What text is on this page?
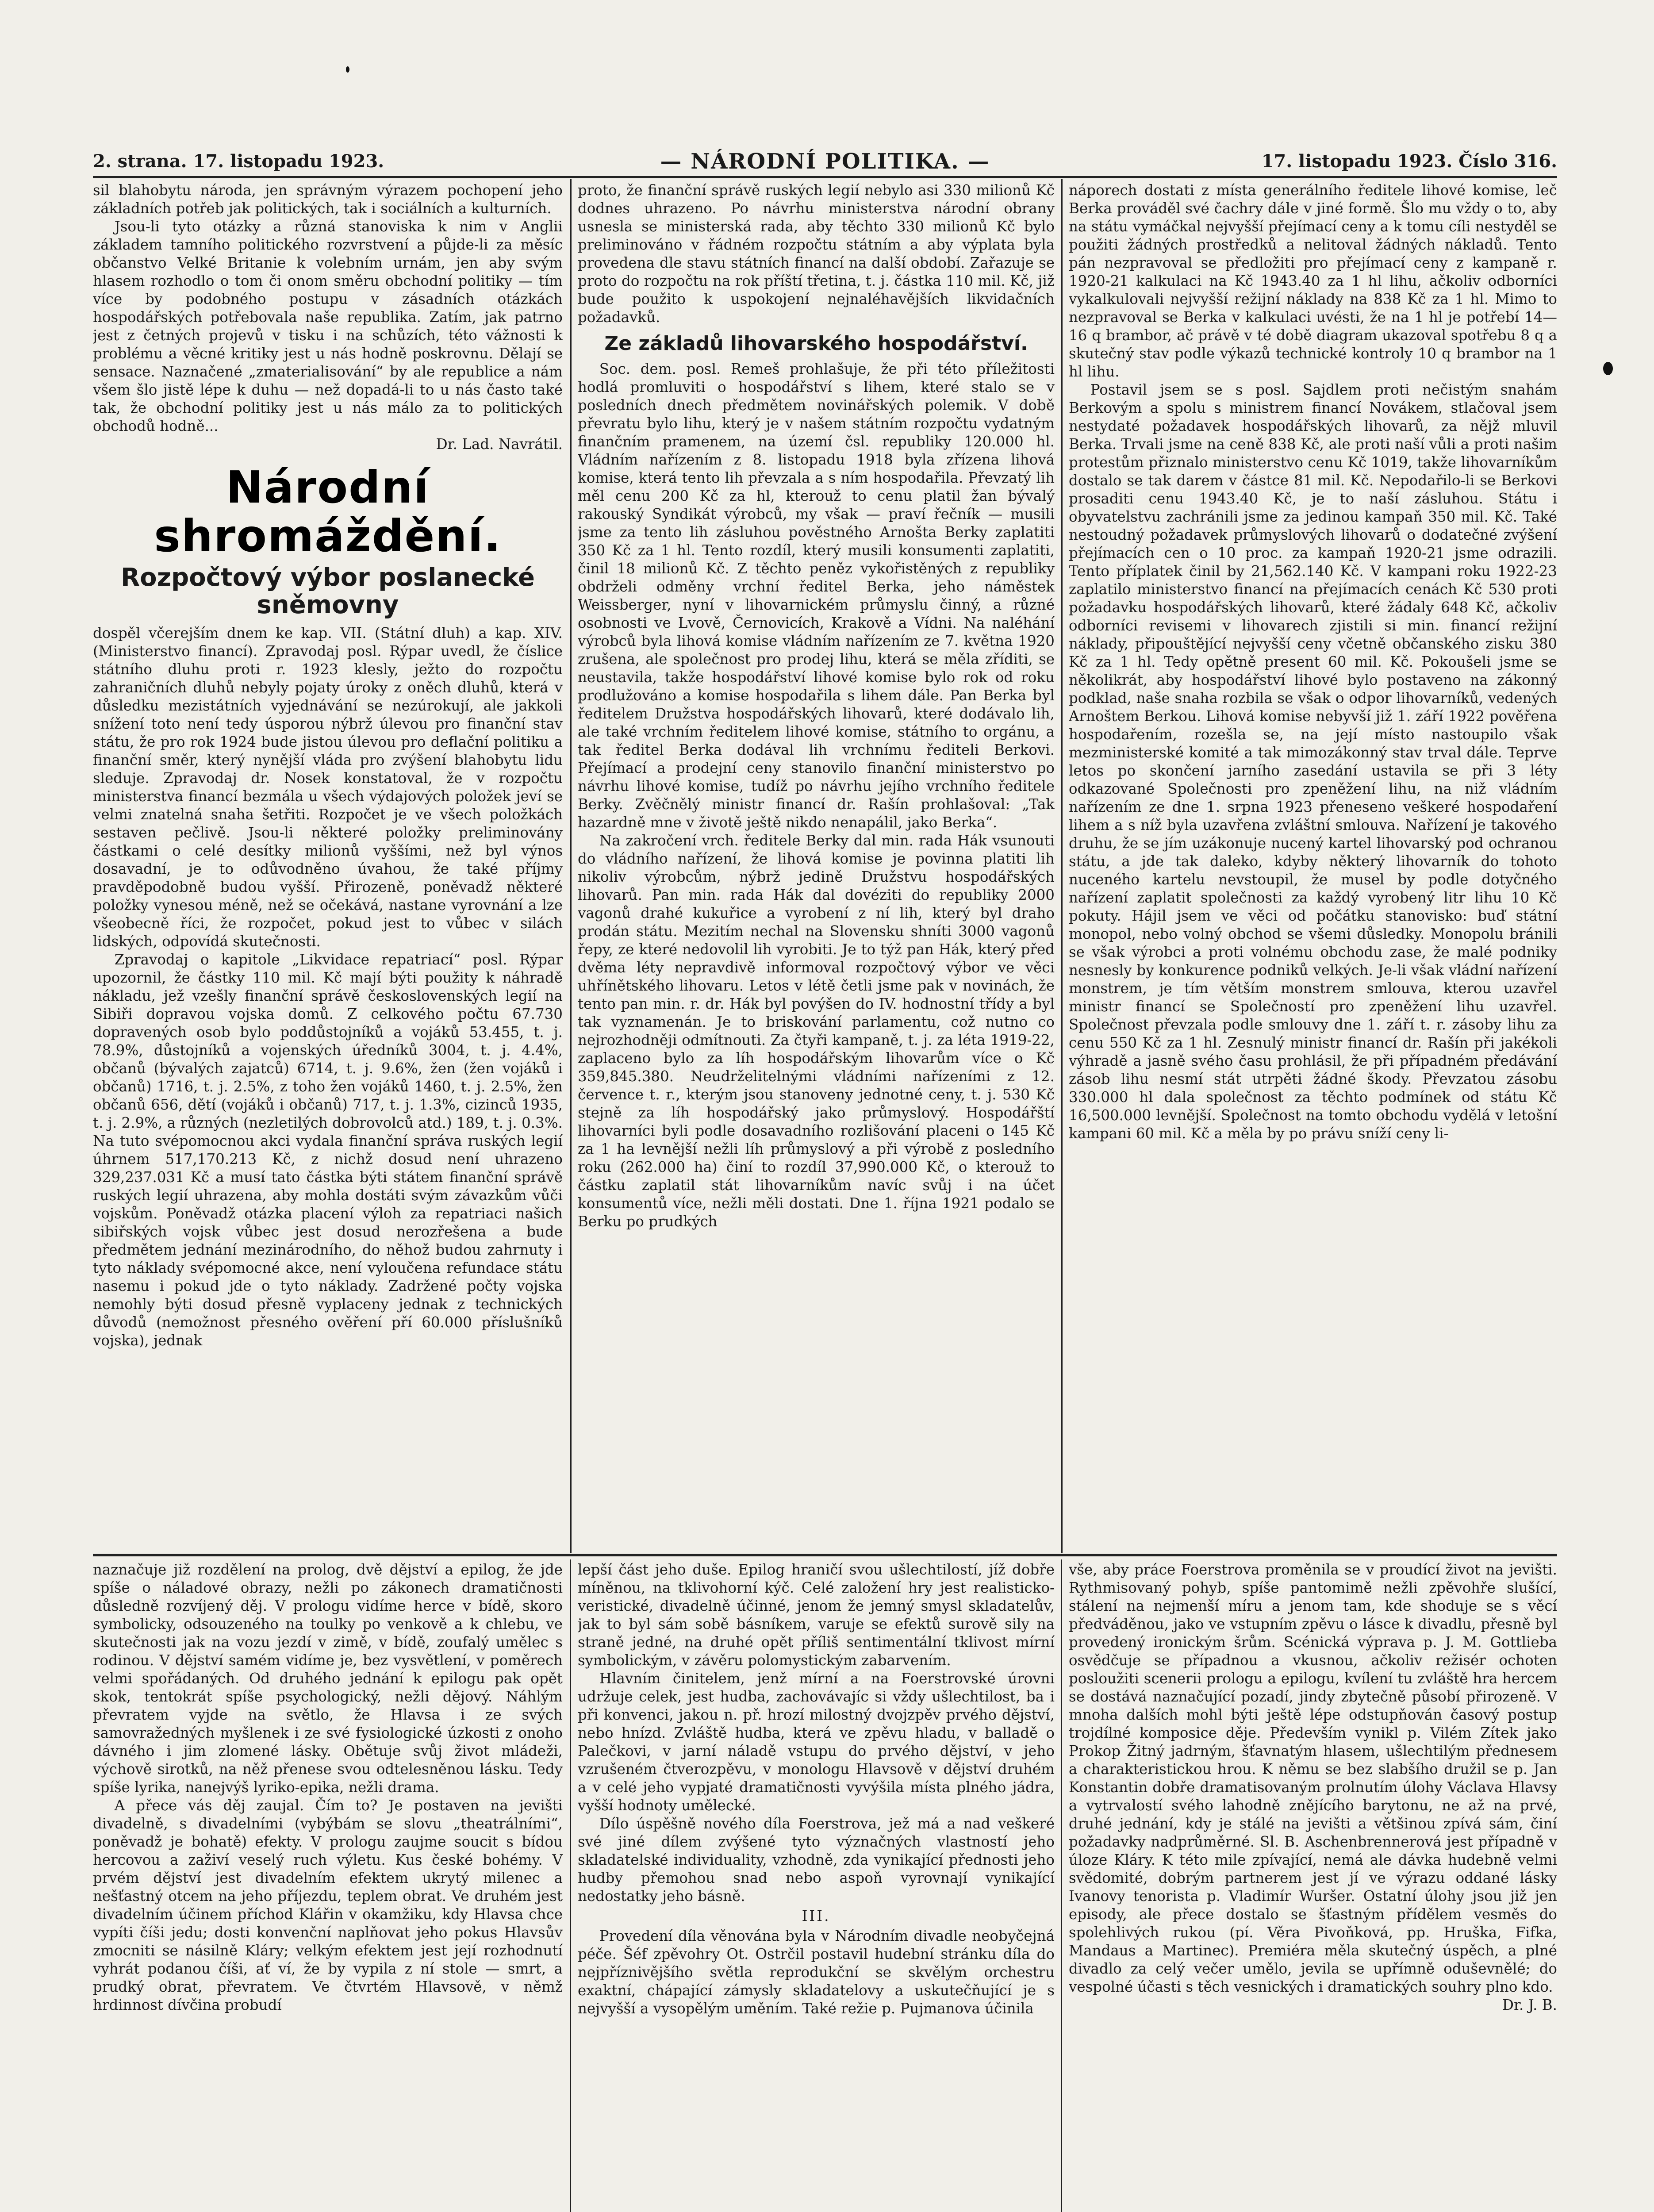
2. strana. 17. listopadu 1923.	— NÁRODNÍ POLITIKA. —	17. listopadu 1923. Číslo 316.

sil blahobytu národa, jen správným výrazem pochopení jeho základních potřeb jak politických, tak i sociálních a kulturních.

Jsou-li tyto otázky a různá stanoviska k nim v Anglii základem tamního politického rozvrstvení a půjde-li za měsíc občanstvo Velké Britanie k volebním urnám, jen aby svým hlasem rozhodlo o tom či onom směru obchodní politiky — tím více by podobného postupu v zásadních otázkách hospodářských potřebovala naše republika. Zatím, jak patrno jest z četných projevů v tisku i na schůzích, této vážnosti k problému a věcné kritiky jest u nás hodně poskrovnu. Dělají se sensace. Naznačené „zmaterialisování“ by ale republice a nám všem šlo jistě lépe k duhu — než dopadá-li to u nás často také tak, že obchodní politiky jest u nás málo za to politických obchodů hodně...

Dr. Lad. Navrátil.

Národní shromáždění.
Rozpočtový výbor poslanecké sněmovny

dospěl včerejším dnem ke kap. VII. (Státní dluh) a kap. XIV. (Ministerstvo financí). Zpravodaj posl. Rýpar uvedl, že číslice státního dluhu proti r. 1923 klesly, ježto do rozpočtu zahraničních dluhů nebyly pojaty úroky z oněch dluhů, která v důsledku mezistátních vyjednávání se nezúrokují, ale jakkoli snížení toto není tedy úsporou nýbrž úlevou pro finanční stav státu, že pro rok 1924 bude jistou úlevou pro deflační politiku a finanční směr, který nynější vláda pro zvýšení blahobytu lidu sleduje. Zpravodaj dr. Nosek konstatoval, že v rozpočtu ministerstva financí bezmála u všech výdajových položek jeví se velmi znatelná snaha šetřiti. Rozpočet je ve všech položkách sestaven pečlivě. Jsou-li některé položky preliminovány částkami o celé desítky milionů vyššími, než byl výnos dosavadní, je to odůvodněno úvahou, že také příjmy pravděpodobně budou vyšší. Přirozeně, poněvadž některé položky vynesou méně, než se očekává, nastane vyrovnání a lze všeobecně říci, že rozpočet, pokud jest to vůbec v silách lidských, odpovídá skutečnosti.

Zpravodaj o kapitole „Likvidace repatriací“ posl. Rýpar upozornil, že částky 110 mil. Kč mají býti použity k náhradě nákladu, jež vzešly finanční správě československých legií na Sibiři dopravou vojska domů. Z celkového počtu 67.730 dopravených osob bylo poddůstojníků a vojáků 53.455, t. j. 78.9%, důstojníků a vojenských úředníků 3004, t. j. 4.4%, občanů (bývalých zajatců) 6714, t. j. 9.6%, žen (žen vojáků i občanů) 1716, t. j. 2.5%, z toho žen vojáků 1460, t. j. 2.5%, žen občanů 656, dětí (vojáků i občanů) 717, t. j. 1.3%, cizinců 1935, t. j. 2.9%, a různých (nezletilých dobrovolců atd.) 189, t. j. 0.3%. Na tuto svépomocnou akci vydala finanční správa ruských legií úhrnem 517,170.213 Kč, z nichž dosud není uhrazeno 329,237.031 Kč a musí tato částka býti státem finanční správě ruských legií uhrazena, aby mohla dostáti svým závazkům vůči vojskům. Poněvadž otázka placení výloh za repatriaci našich sibiřských vojsk vůbec jest dosud nerozřešena a bude předmětem jednání mezinárodního, do něhož budou zahrnuty i tyto náklady svépomocné akce, není vyloučena refundace státu nasemu i pokud jde o tyto náklady. Zadržené počty vojska nemohly býti dosud přesně vyplaceny jednak z technických důvodů (nemožnost přesného ověření pří 60.000 příslušníků vojska), jednak

proto, že finanční správě ruských legií nebylo asi 330 milionů Kč dodnes uhrazeno. Po návrhu ministerstva národní obrany usnesla se ministerská rada, aby těchto 330 milionů Kč bylo preliminováno v řádném rozpočtu státním a aby výplata byla provedena dle stavu státních financí na další období. Zařazuje se proto do rozpočtu na rok příští třetina, t. j. částka 110 mil. Kč, již bude použito k uspokojení nejnaléhavějších likvidačních požadavků.

Ze základů lihovarského hospodářství.

Soc. dem. posl. Remeš prohlašuje, že při této příležitosti hodlá promluviti o hospodářství s lihem, které stalo se v posledních dnech předmětem novinářských polemik. V době převratu bylo lihu, který je v našem státním rozpočtu vydatným finančním pramenem, na území čsl. republiky 120.000 hl. Vládním nařízením z 8. listopadu 1918 byla zřízena lihová komise, která tento lih převzala a s ním hospodařila. Převzatý lih měl cenu 200 Kč za hl, kterouž to cenu platil žan bývalý rakouský Syndikát výrobců, my však — praví řečník — musili jsme za tento lih zásluhou pověstného Arnošta Berky zaplatiti 350 Kč za 1 hl. Tento rozdíl, který musili konsumenti zaplatiti, činil 18 milionů Kč. Z těchto peněz vykořistěných z republiky obdrželi odměny vrchní ředitel Berka, jeho náměstek Weissberger, nyní v lihovarnickém průmyslu činný, a různé osobnosti ve Lvově, Černovicích, Krakově a Vídni. Na naléhání výrobců byla lihová komise vládním nařízením ze 7. května 1920 zrušena, ale společnost pro prodej lihu, která se měla zříditi, se neustavila, takže hospodářství lihové komise bylo rok od roku prodlužováno a komise hospodařila s lihem dále. Pan Berka byl ředitelem Družstva hospodářských lihovarů, které dodávalo lih, ale také vrchním ředitelem lihové komise, státního to orgánu, a tak ředitel Berka dodával lih vrchnímu řediteli Berkovi. Přejímací a prodejní ceny stanovilo finanční ministerstvo po návrhu lihové komise, tudíž po návrhu jejího vrchního ředitele Berky. Zvěčnělý ministr financí dr. Rašín prohlašoval: „Tak hazardně mne v životě ještě nikdo nenapálil, jako Berka“.

Na zakročení vrch. ředitele Berky dal min. rada Hák vsunouti do vládního nařízení, že lihová komise je povinna platiti lih nikoliv výrobcům, nýbrž jedině Družstvu hospodářských lihovarů. Pan min. rada Hák dal dovéziti do republiky 2000 vagonů drahé kukuřice a vyrobení z ní lih, který byl draho prodán státu. Mezitím nechal na Slovensku shníti 3000 vagonů řepy, ze které nedovolil lih vyrobiti. Je to týž pan Hák, který před dvěma léty nepravdivě informoval rozpočtový výbor ve věci uhřínětského lihovaru. Letos v létě četli jsme pak v novinách, že tento pan min. r. dr. Hák byl povýšen do IV. hodnostní třídy a byl tak vyznamenán. Je to briskování parlamentu, což nutno co nejrozhodněji odmítnouti. Za čtyři kampaně, t. j. za léta 1919-22, zaplaceno bylo za líh hospodářským lihovarům více o Kč 359,845.380. Neudrželitelnými vládními nařízeními z 12. července t. r., kterým jsou stanoveny jednotné ceny, t. j. 530 Kč stejně za líh hospodářský jako průmyslový. Hospodářští lihovarníci byli podle dosavadního rozlišování placeni o 145 Kč za 1 ha levnější nežli líh průmyslový a při výrobě z posledního roku (262.000 ha) činí to rozdíl 37,990.000 Kč, o kterouž to částku zaplatil stát lihovarníkům navíc svůj i na účet konsumentů více, nežli měli dostati. Dne 1. října 1921 podalo se Berku po prudkých

náporech dostati z místa generálního ředitele lihové komise, leč Berka prováděl své čachry dále v jiné formě. Šlo mu vždy o to, aby na státu vymáčkal nejvyšší přejímací ceny a k tomu cíli nestyděl se použiti žádných prostředků a nelitoval žádných nákladů. Tento pán nezpravoval se předložiti pro přejímací ceny z kampaně r. 1920-21 kalkulaci na Kč 1943.40 za 1 hl lihu, ačkoliv odborníci vykalkulovali nejvyšší režijní náklady na 838 Kč za 1 hl. Mimo to nezpravoval se Berka v kalkulaci uvésti, že na 1 hl je potřebí 14—16 q brambor, ač právě v té době diagram ukazoval spotřebu 8 q a skutečný stav podle výkazů technické kontroly 10 q brambor na 1 hl lihu.

Postavil jsem se s posl. Sajdlem proti nečistým snahám Berkovým a spolu s ministrem financí Novákem, stlačoval jsem nestydaté požadavek hospodářských lihovarů, za nějž mluvil Berka. Trvali jsme na ceně 838 Kč, ale proti naší vůli a proti našim protestům přiznalo ministerstvo cenu Kč 1019, takže lihovarníkům dostalo se tak darem v částce 81 mil. Kč. Nepodařilo-li se Berkovi prosaditi cenu 1943.40 Kč, je to naší zásluhou. Státu i obyvatelstvu zachránili jsme za jedinou kampaň 350 mil. Kč. Také nestoudný požadavek průmyslových lihovarů o dodatečné zvýšení přejímacích cen o 10 proc. za kampaň 1920-21 jsme odrazili. Tento příplatek činil by 21,562.140 Kč. V kampani roku 1922-23 zaplatilo ministerstvo financí na přejímacích cenách Kč 530 proti požadavku hospodářských lihovarů, které žádaly 648 Kč, ačkoliv odborníci revisemi v lihovarech zjistili si min. financí režijní náklady, připouštějící nejvyšší ceny včetně občanského zisku 380 Kč za 1 hl. Tedy opětně present 60 mil. Kč. Pokoušeli jsme se několikrát, aby hospodářství lihové bylo postaveno na zákonný podklad, naše snaha rozbila se však o odpor lihovarníků, vedených Arnoštem Berkou. Lihová komise nebyvší již 1. září 1922 pověřena hospodařením, rozešla se, na její místo nastoupilo však mezministerské komité a tak mimozákonný stav trval dále. Teprve letos po skončení jarního zasedání ustavila se při 3 léty odkazované Společnosti pro zpeněžení lihu, na niž vládním nařízením ze dne 1. srpna 1923 přeneseno veškeré hospodaření lihem a s níž byla uzavřena zvláštní smlouva. Nařízení je takového druhu, že se jím uzákonuje nucený kartel lihovarský pod ochranou státu, a jde tak daleko, kdyby některý lihovarník do tohoto nuceného kartelu nevstoupil, že musel by podle dotyčného nařízení zaplatit společnosti za každý vyrobený litr lihu 10 Kč pokuty. Hájil jsem ve věci od počátku stanovisko: buď státní monopol, nebo volný obchod se všemi důsledky. Monopolu bránili se však výrobci a proti volnému obchodu zase, že malé podniky nesnesly by konkurence podniků velkých. Je-li však vládní nařízení monstrem, je tím větším monstrem smlouva, kterou uzavřel ministr financí se Společností pro zpeněžení lihu uzavřel. Společnost převzala podle smlouvy dne 1. září t. r. zásoby lihu za cenu 550 Kč za 1 hl. Zesnulý ministr financí dr. Rašín při jakékoli výhradě a jasně svého času prohlásil, že při případném předávání zásob lihu nesmí stát utrpěti žádné škody. Převzatou zásobu 330.000 hl dala společnost za těchto podmínek od státu Kč 16,500.000 levnější. Společnost na tomto obchodu vydělá v letošní kampani 60 mil. Kč a měla by po právu sníží ceny li-

naznačuje již rozdělení na prolog, dvě dějství a epilog, že jde spíše o náladové obrazy, nežli po zákonech dramatičnosti důsledně rozvíjený děj. V prologu vidíme herce v bídě, skoro symbolicky, odsouzeného na toulky po venkově a k chlebu, ve skutečnosti jak na vozu jezdí v zimě, v bídě, zoufalý umělec s rodinou. V dějství samém vidíme je, bez vysvětlení, v poměrech velmi spořádaných. Od druhého jednání k epilogu pak opět skok, tentokrát spíše psychologický, nežli dějový. Náhlým převratem vyjde na světlo, že Hlavsa i ze svých samovražedných myšlenek i ze své fysiologické úzkosti z onoho dávného i jim zlomené lásky. Obětuje svůj život mládeži, výchově sirotků, na něž přenese svou odtelesněnou lásku. Tedy spíše lyrika, nanejvýš lyriko-epika, nežli drama.

A přece vás děj zaujal. Čím to? Je postaven na jevišti divadelně, s divadelními (vybýbám se slovu „theatrálními“, poněvadž je bohatě) efekty. V prologu zaujme soucit s bídou hercovou a zaživí veselý ruch výletu. Kus české bohémy. V prvém dějství jest divadelním efektem ukrytý milenec a nešťastný otcem na jeho příjezdu, teplem obrat. Ve druhém jest divadelním účinem příchod Klářin v okamžiku, kdy Hlavsa chce vypíti číši jedu; dosti konvenční naplňovat jeho pokus Hlavsův zmocniti se násilně Kláry; velkým efektem jest její rozhodnutí vyhrát podanou číši, ať ví, že by vypila z ní stole — smrt, a prudký obrat, převratem. Ve čtvrtém Hlavsově, v němž hrdinnost dívčina probudí

lepší část jeho duše. Epilog hraničí svou ušlechtilostí, jíž dobře míněnou, na tklivohorní kýč. Celé založení hry jest realisticko-veristické, divadelně účinné, jenom že jemný smysl skladatelův, jak to byl sám sobě básníkem, varuje se efektů surově sily na straně jedné, na druhé opět příliš sentimentální tklivost mírní symbolickým, v závěru polomystickým zabarvením.

Hlavním činitelem, jenž mírní a na Foerstrovské úrovni udržuje celek, jest hudba, zachovávajíc si vždy ušlechtilost, ba i při konvenci, jakou n. př. hrozí milostný dvojzpěv prvého dějství, nebo hnízd. Zvláště hudba, která ve zpěvu hladu, v balladě o Palečkovi, v jarní náladě vstupu do prvého dějství, v jeho vzrušeném čtverozpěvu, v monologu Hlavsově v dějství druhém a v celé jeho vypjaté dramatičnosti vyvýšila místa plného jádra, vyšší hodnoty umělecké.

Dílo úspěšně nového díla Foerstrova, jež má a nad veškeré své jiné dílem zvýšené tyto význačných vlastností jeho skladatelské individuality, vzhodně, zda vynikající přednosti jeho hudby přemohou snad nebo aspoň vyrovnají vynikající nedostatky jeho básně.

III.

Provedení díla věnována byla v Národním divadle neobyčejná péče. Šéf zpěvohry Ot. Ostrčil postavil hudební stránku díla do nejpříznivějšího světla reprodukční se skvělým orchestru exaktní, chápající zámysly skladatelovy a uskutečňující je s nejvyšší a vysopělým uměním. Také režie p. Pujmanova účinila

vše, aby práce Foerstrova proměnila se v proudící život na jevišti. Rythmisovaný pohyb, spíše pantomimě nežli zpěvohře slušící, stálení na nejmenší míru a jenom tam, kde shoduje se s věcí předváděnou, jako ve vstupním zpěvu o lásce k divadlu, přesně byl provedený ironickým šrům. Scénická výprava p. J. M. Gottlieba osvědčuje se případnou a vkusnou, ačkoliv režisér ochoten posloužiti scenerii prologu a epilogu, kvílení tu zvláště hra hercem se dostává naznačující pozadí, jindy zbytečně působí přirozeně. V mnoha dalších mohl býti ještě lépe odstupňován časový postup trojdílné komposice děje. Především vynikl p. Vilém Zítek jako Prokop Žitný jadrným, šťavnatým hlasem, ušlechtilým přednesem a charakteristickou hrou. K němu se bez slabšího družil se p. Jan Konstantin dobře dramatisovaným prolnutím úlohy Václava Hlavsy a vytrvalostí svého lahodně znějícího barytonu, ne až na prvé, druhé jednání, kdy je stálé na jevišti a většinou zpívá sám, činí požadavky nadprůměrné. Sl. B. Aschenbrennerová jest případně v úloze Kláry. K této mile zpívající, nemá ale dávka hudebně velmi svědomité, dobrým partnerem jest jí ve výrazu oddané lásky Ivanovy tenorista p. Vladimír Wuršer. Ostatní úlohy jsou již jen episody, ale přece dostalo se šťastným přídělem vesměs do spolehlivých rukou (pí. Věra Pivoňková, pp. Hruška, Fifka, Mandaus a Martinec). Premiéra měla skutečný úspěch, a plné divadlo za celý večer umělo, jevila se upřímně oduševnělé; do vespolné účasti s těch vesnických i dramatických souhry plno kdo.

Dr. J. B.
